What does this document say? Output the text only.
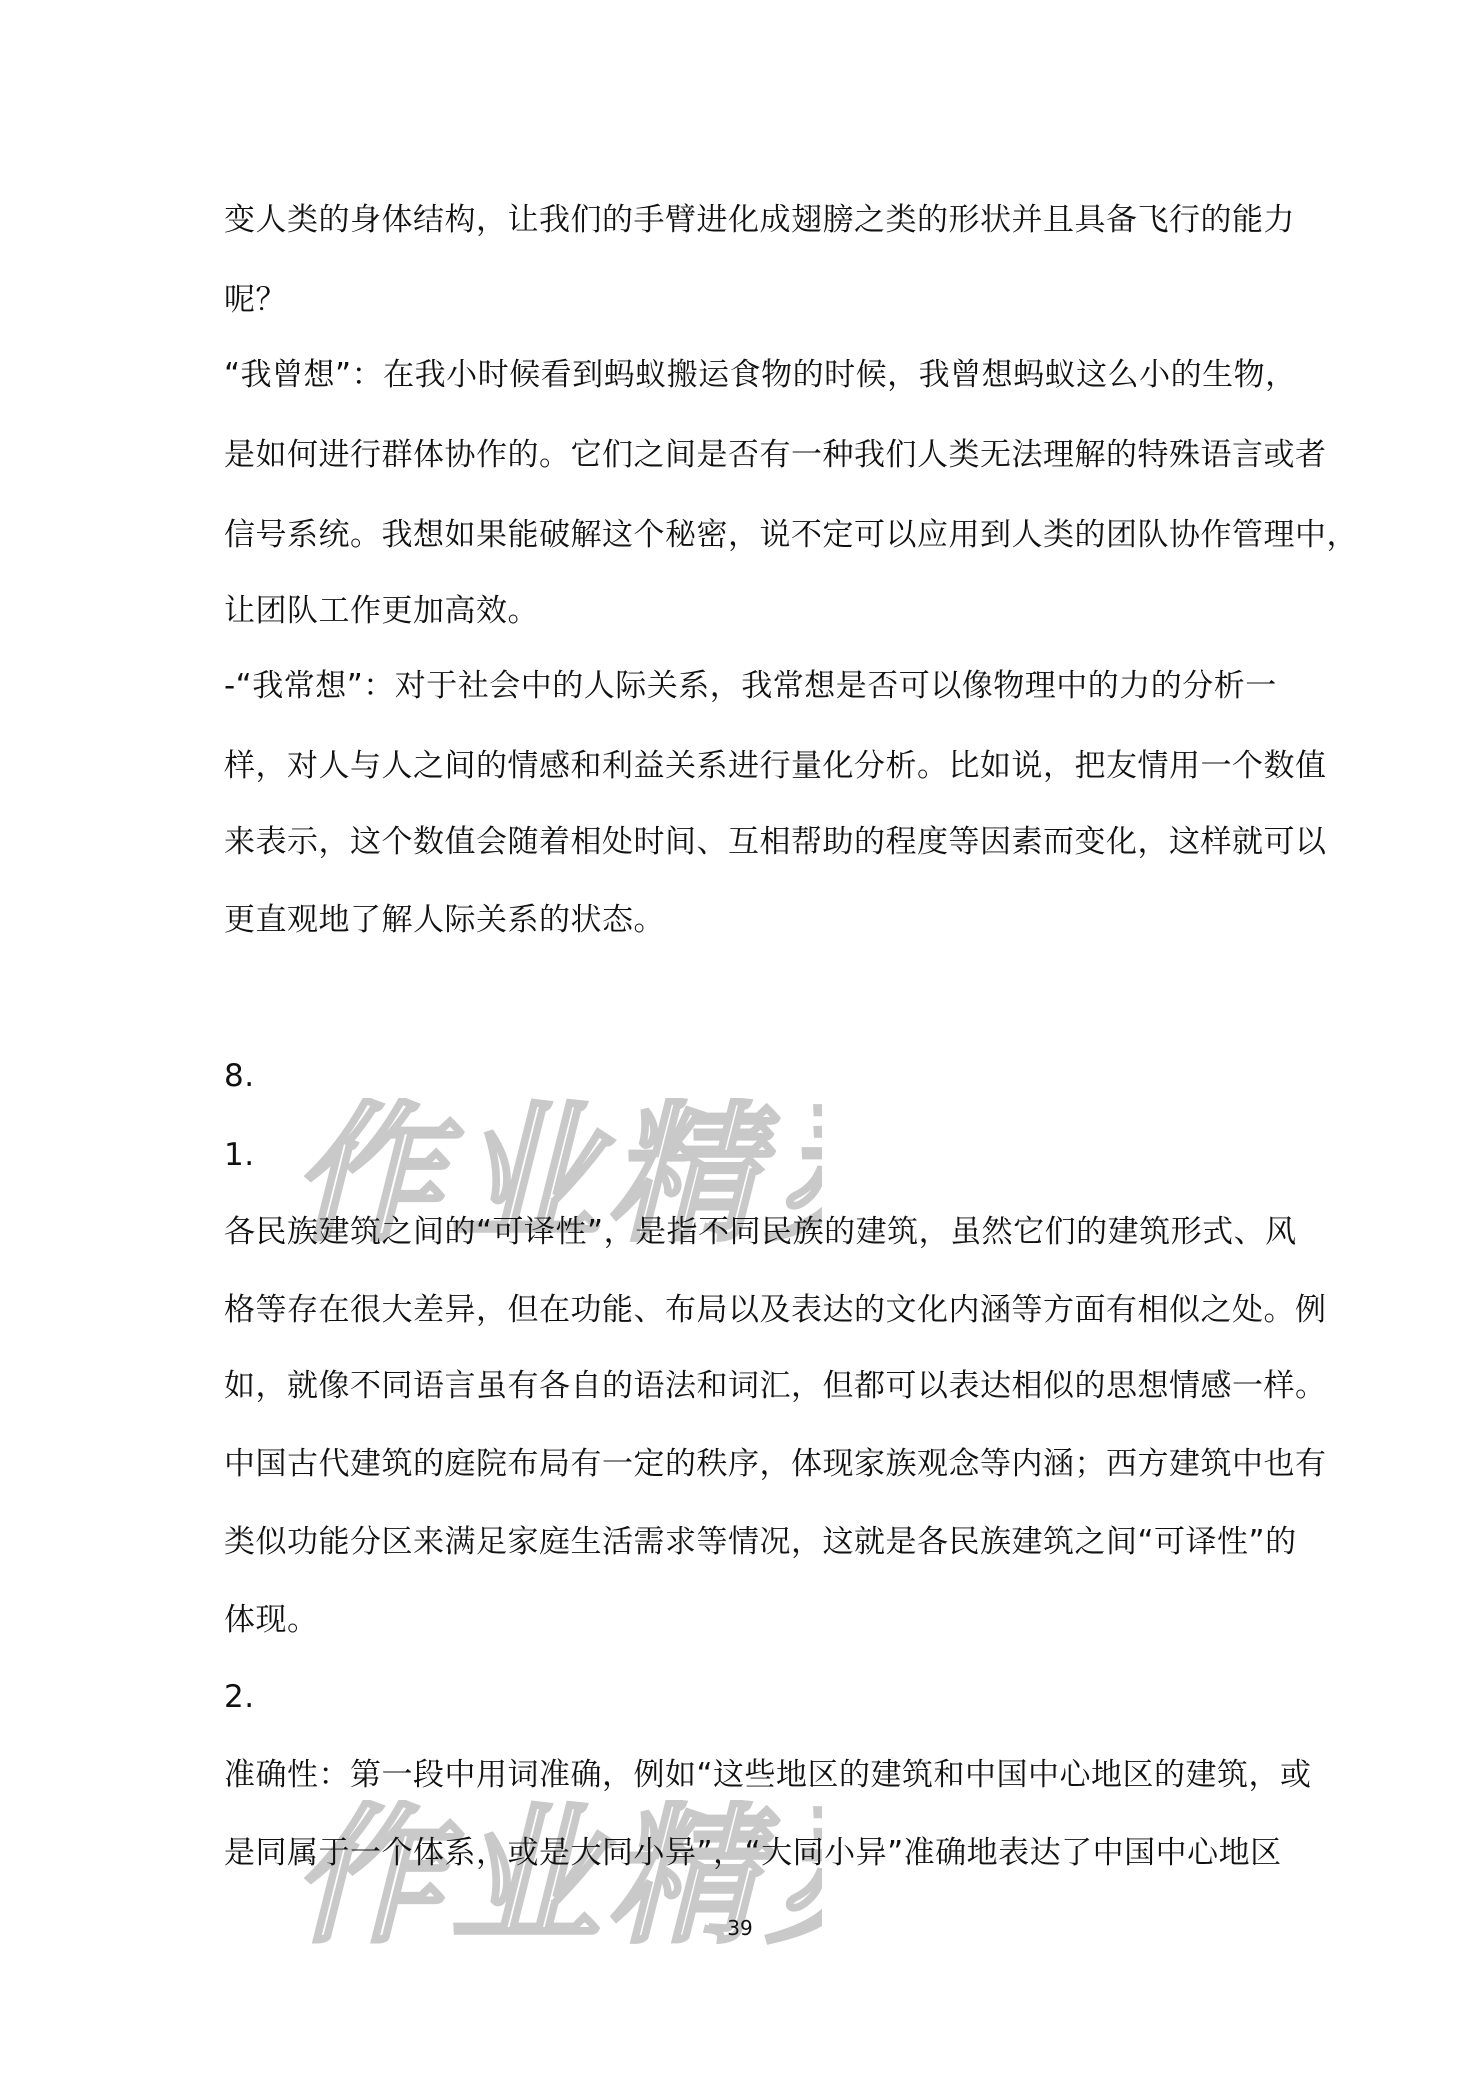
作业精
作业精
变人类的身体结构，让我们的手臂进化成翅膀之类的形状并且具备飞行的能力
呢？
“我曾想”：在我小时候看到蚂蚁搬运食物的时候，我曾想蚂蚁这么小的生物，
是如何进行群体协作的。它们之间是否有一种我们人类无法理解的特殊语言或者
信号系统。我想如果能破解这个秘密，说不定可以应用到人类的团队协作管理中，
让团队工作更加高效。
-“我常想”：对于社会中的人际关系，我常想是否可以像物理中的力的分析一
样，对人与人之间的情感和利益关系进行量化分析。比如说，把友情用一个数值
来表示，这个数值会随着相处时间、互相帮助的程度等因素而变化，这样就可以
更直观地了解人际关系的状态。
8.
1.
各民族建筑之间的“可译性”，是指不同民族的建筑，虽然它们的建筑形式、风
格等存在很大差异，但在功能、布局以及表达的文化内涵等方面有相似之处。例
如，就像不同语言虽有各自的语法和词汇，但都可以表达相似的思想情感一样。
中国古代建筑的庭院布局有一定的秩序，体现家族观念等内涵；西方建筑中也有
类似功能分区来满足家庭生活需求等情况，这就是各民族建筑之间“可译性”的
体现。
2.
准确性：第一段中用词准确，例如“这些地区的建筑和中国中心地区的建筑，或
是同属于一个体系，或是大同小异”，“大同小异”准确地表达了中国中心地区
39
